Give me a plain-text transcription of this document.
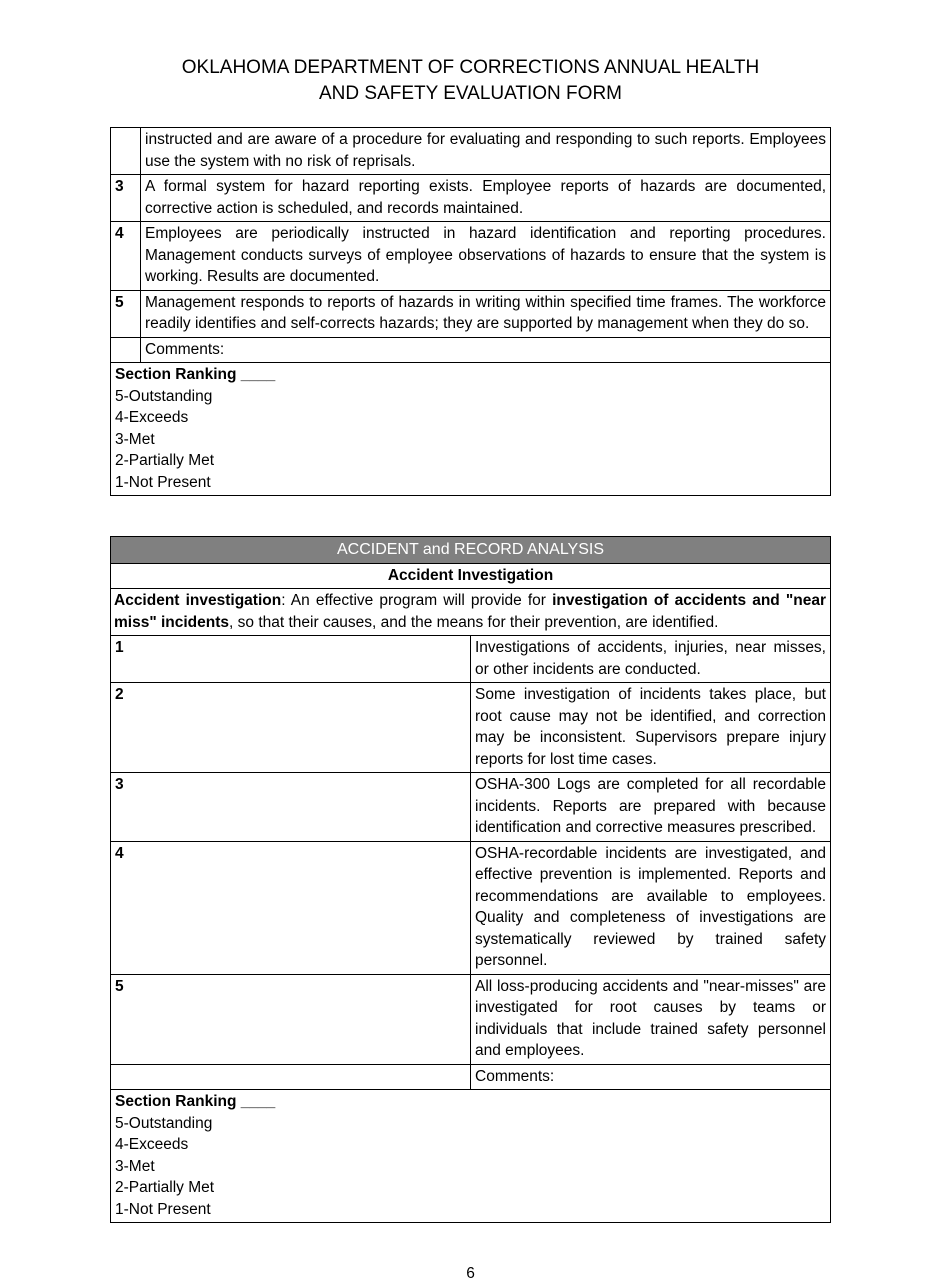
OKLAHOMA DEPARTMENT OF CORRECTIONS ANNUAL HEALTH
AND SAFETY EVALUATION FORM
	instructed and are aware of a procedure for evaluating and responding to such reports. Employees use the system with no risk of reprisals.
3	A formal system for hazard reporting exists. Employee reports of hazards are documented, corrective action is scheduled, and records maintained.
4	Employees are periodically instructed in hazard identification and reporting procedures. Management conducts surveys of employee observations of hazards to ensure that the system is working. Results are documented.
5	Management responds to reports of hazards in writing within specified time frames. The workforce readily identifies and self-corrects hazards; they are supported by management when they do so.
	Comments:

Section Ranking ____
5-Outstanding
4-Exceeds
3-Met
2-Partially Met
1-Not Present
ACCIDENT and RECORD ANALYSIS	
Accident Investigation	
Accident investigation: An effective program will provide for investigation of accidents and "near miss" incidents, so that their causes, and the means for their prevention, are identified.	
1	Investigations of accidents, injuries, near misses, or other incidents are conducted.
2	Some investigation of incidents takes place, but root cause may not be identified, and correction may be inconsistent. Supervisors prepare injury reports for lost time cases.
3	OSHA-300 Logs are completed for all recordable incidents. Reports are prepared with because identification and corrective measures prescribed.
4	OSHA-recordable incidents are investigated, and effective prevention is implemented. Reports and recommendations are available to employees. Quality and completeness of investigations are systematically reviewed by trained safety personnel.
5	All loss-producing accidents and "near-misses" are investigated for root causes by teams or individuals that include trained safety personnel and employees.
	Comments:

Section Ranking ____
5-Outstanding
4-Exceeds
3-Met
2-Partially Met
1-Not Present
6
